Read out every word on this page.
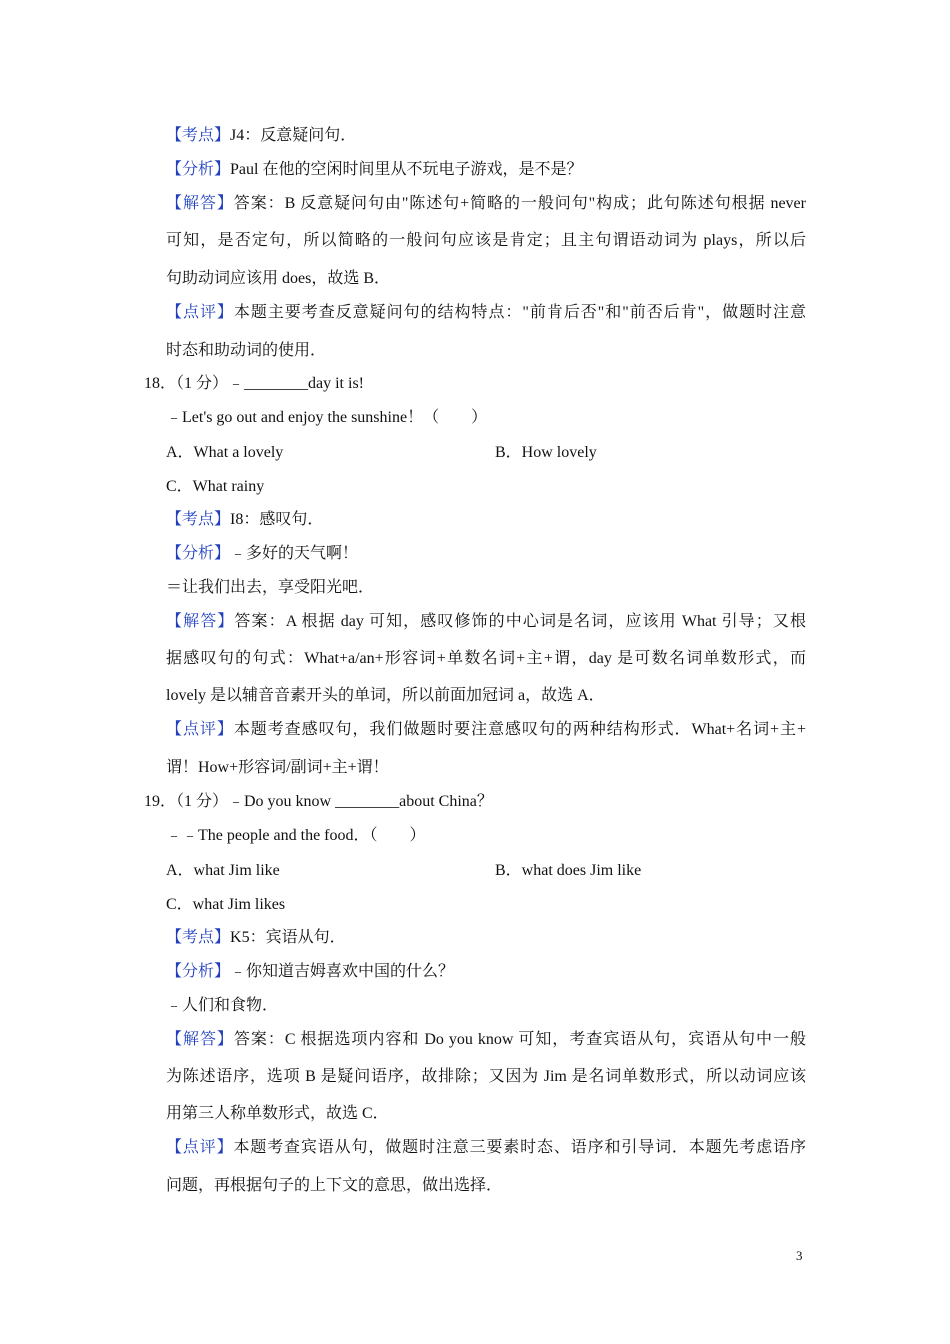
【考点】J4：反意疑问句．
【分析】Paul 在他的空闲时间里从不玩电子游戏，是不是？
【解答】答案：B 反意疑问句由"陈述句+简略的一般问句"构成；此句陈述句根据 never
可知，是否定句，所以简略的一般问句应该是肯定；且主句谓语动词为 plays，所以后
句助动词应该用 does，故选 B．
【点评】本题主要考查反意疑问句的结构特点："前肯后否"和"前否后肯"，做题时注意
时态和助动词的使用．
18．（1 分）﹣________day it is!
﹣Let's go out and enjoy the sunshine！（　　）
A．What a lovely	B．How lovely
C．What rainy
【考点】I8：感叹句．
【分析】﹣多好的天气啊！
＝让我们出去，享受阳光吧．
【解答】答案：A 根据 day 可知，感叹修饰的中心词是名词，应该用 What 引导；又根
据感叹句的句式：What+a/an+形容词+单数名词+主+谓，day 是可数名词单数形式，而
lovely 是以辅音音素开头的单词，所以前面加冠词 a，故选 A．
【点评】本题考查感叹句，我们做题时要注意感叹句的两种结构形式．What+名词+主+
谓！How+形容词/副词+主+谓！
19．（1 分）﹣Do you know ________about China？
﹣﹣The people and the food．（　　）
A．what Jim like	B．what does Jim like
C．what Jim likes
【考点】K5：宾语从句．
【分析】﹣你知道吉姆喜欢中国的什么？
﹣人们和食物．
【解答】答案：C 根据选项内容和 Do you know 可知，考查宾语从句，宾语从句中一般
为陈述语序，选项 B 是疑问语序，故排除；又因为 Jim 是名词单数形式，所以动词应该
用第三人称单数形式，故选 C．
【点评】本题考查宾语从句，做题时注意三要素时态、语序和引导词．本题先考虑语序
问题，再根据句子的上下文的意思，做出选择．
3
